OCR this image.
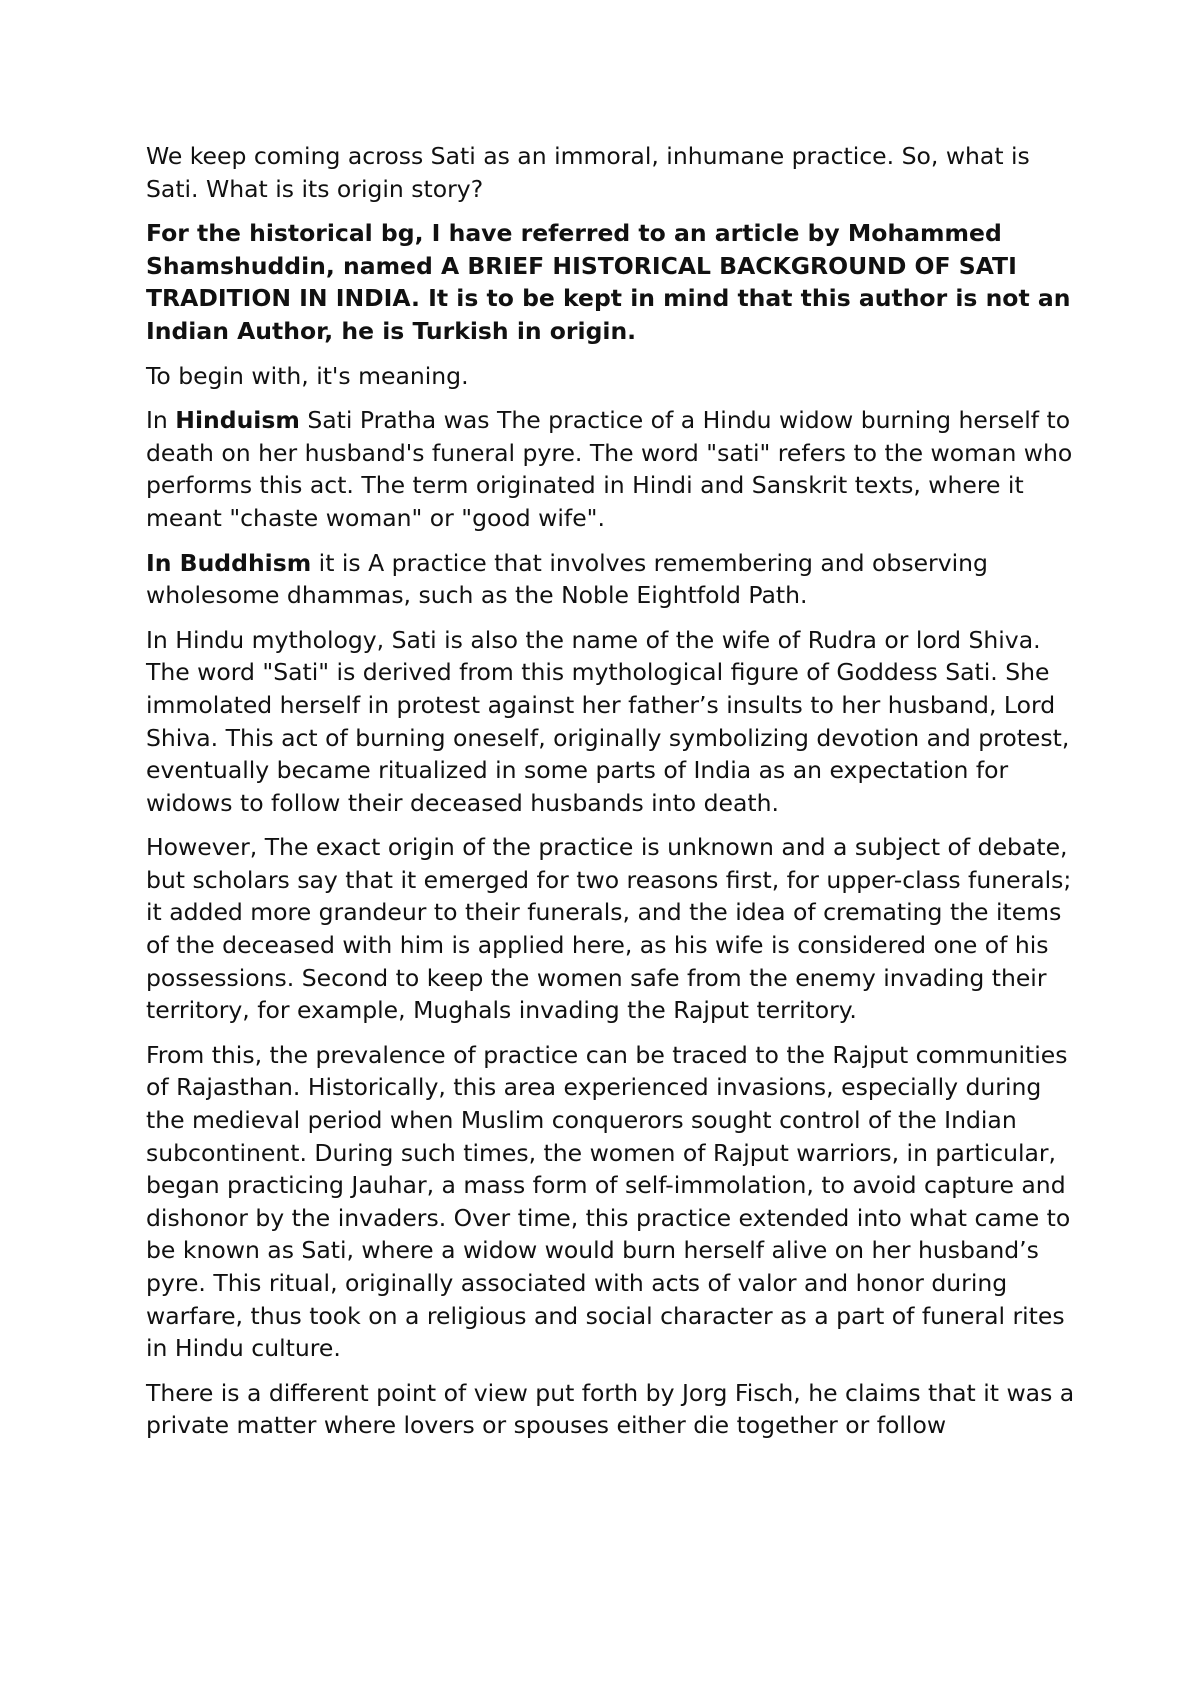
We keep coming across Sati as an immoral, inhumane practice. So, what is Sati. What is its origin story?

For the historical bg, I have referred to an article by Mohammed Shamshuddin, named A BRIEF HISTORICAL BACKGROUND OF SATI TRADITION IN INDIA. It is to be kept in mind that this author is not an Indian Author, he is Turkish in origin.

To begin with, it's meaning.

In Hinduism Sati Pratha was The practice of a Hindu widow burning herself to death on her husband's funeral pyre. The word "sati" refers to the woman who performs this act. The term originated in Hindi and Sanskrit texts, where it meant "chaste woman" or "good wife".

In Buddhism it is A practice that involves remembering and observing wholesome dhammas, such as the Noble Eightfold Path.

In Hindu mythology, Sati is also the name of the wife of Rudra or lord Shiva. The word "Sati" is derived from this mythological figure of Goddess Sati. She immolated herself in protest against her father’s insults to her husband, Lord Shiva. This act of burning oneself, originally symbolizing devotion and protest, eventually became ritualized in some parts of India as an expectation for widows to follow their deceased husbands into death.

However, The exact origin of the practice is unknown and a subject of debate, but scholars say that it emerged for two reasons first, for upper-class funerals; it added more grandeur to their funerals, and the idea of cremating the items of the deceased with him is applied here, as his wife is considered one of his possessions. Second to keep the women safe from the enemy invading their territory, for example, Mughals invading the Rajput territory.

From this, the prevalence of practice can be traced to the Rajput communities of Rajasthan. Historically, this area experienced invasions, especially during the medieval period when Muslim conquerors sought control of the Indian subcontinent. During such times, the women of Rajput warriors, in particular, began practicing Jauhar, a mass form of self-immolation, to avoid capture and dishonor by the invaders. Over time, this practice extended into what came to be known as Sati, where a widow would burn herself alive on her husband’s pyre. This ritual, originally associated with acts of valor and honor during warfare, thus took on a religious and social character as a part of funeral rites in Hindu culture.

There is a different point of view put forth by Jorg Fisch, he claims that it was a private matter where lovers or spouses either die together or follow
